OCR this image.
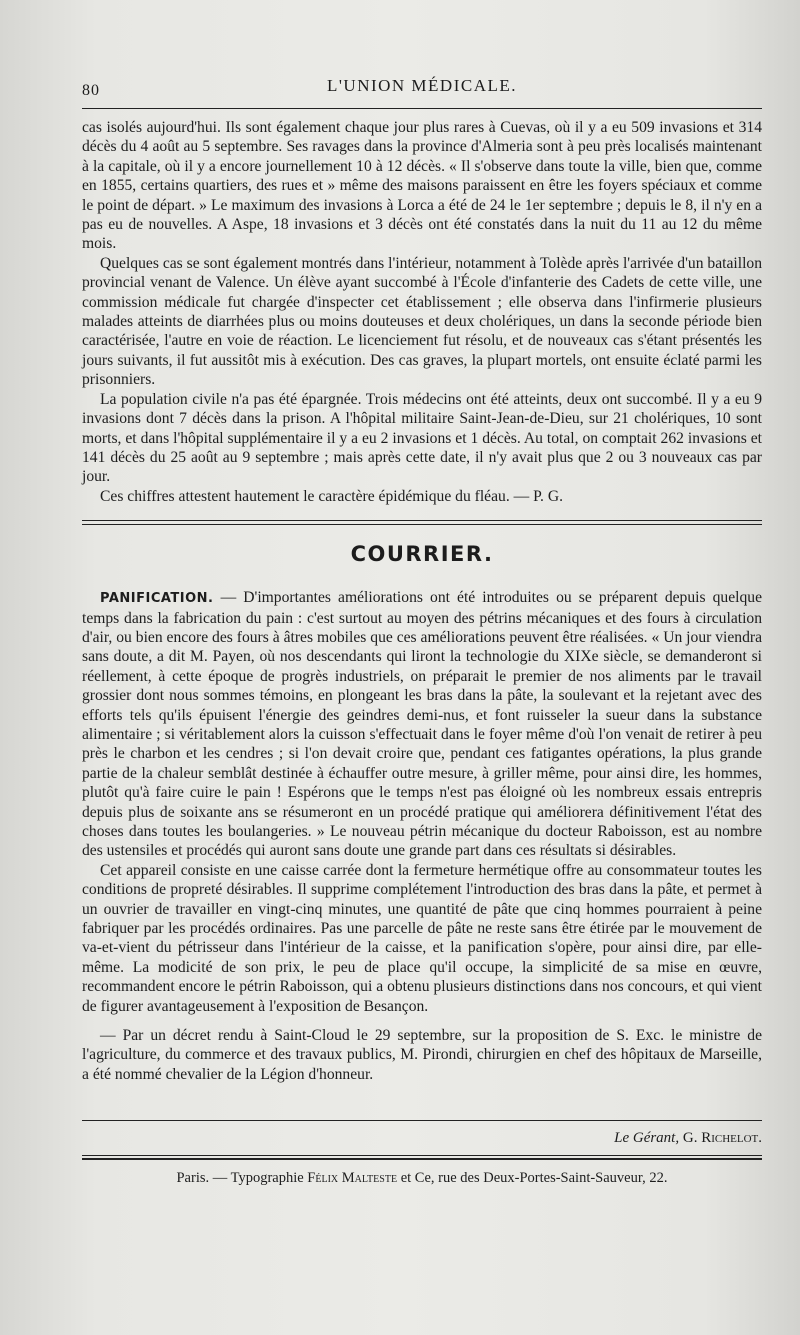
80	L'UNION MÉDICALE.

cas isolés aujourd'hui. Ils sont également chaque jour plus rares à Cuevas, où il y a eu 509 invasions et 314 décès du 4 août au 5 septembre. Ses ravages dans la province d'Almeria sont à peu près localisés maintenant à la capitale, où il y a encore journellement 10 à 12 décès. « Il s'observe dans toute la ville, bien que, comme en 1855, certains quartiers, des rues et » même des maisons paraissent en être les foyers spéciaux et comme le point de départ. » Le maximum des invasions à Lorca a été de 24 le 1er septembre ; depuis le 8, il n'y en a pas eu de nouvelles. A Aspe, 18 invasions et 3 décès ont été constatés dans la nuit du 11 au 12 du même mois.

Quelques cas se sont également montrés dans l'intérieur, notamment à Tolède après l'arrivée d'un bataillon provincial venant de Valence. Un élève ayant succombé à l'École d'infanterie des Cadets de cette ville, une commission médicale fut chargée d'inspecter cet établissement ; elle observa dans l'infirmerie plusieurs malades atteints de diarrhées plus ou moins douteuses et deux cholériques, un dans la seconde période bien caractérisée, l'autre en voie de réaction. Le licenciement fut résolu, et de nouveaux cas s'étant présentés les jours suivants, il fut aussitôt mis à exécution. Des cas graves, la plupart mortels, ont ensuite éclaté parmi les prisonniers.

La population civile n'a pas été épargnée. Trois médecins ont été atteints, deux ont succombé. Il y a eu 9 invasions dont 7 décès dans la prison. A l'hôpital militaire Saint-Jean-de-Dieu, sur 21 cholériques, 10 sont morts, et dans l'hôpital supplémentaire il y a eu 2 invasions et 1 décès. Au total, on comptait 262 invasions et 141 décès du 25 août au 9 septembre ; mais après cette date, il n'y avait plus que 2 ou 3 nouveaux cas par jour.

Ces chiffres attestent hautement le caractère épidémique du fléau. — P. G.

COURRIER.

PANIFICATION. — D'importantes améliorations ont été introduites ou se préparent depuis quelque temps dans la fabrication du pain : c'est surtout au moyen des pétrins mécaniques et des fours à circulation d'air, ou bien encore des fours à âtres mobiles que ces améliorations peuvent être réalisées. « Un jour viendra sans doute, a dit M. Payen, où nos descendants qui liront la technologie du XIXe siècle, se demanderont si réellement, à cette époque de progrès industriels, on préparait le premier de nos aliments par le travail grossier dont nous sommes témoins, en plongeant les bras dans la pâte, la soulevant et la rejetant avec des efforts tels qu'ils épuisent l'énergie des geindres demi-nus, et font ruisseler la sueur dans la substance alimentaire ; si véritablement alors la cuisson s'effectuait dans le foyer même d'où l'on venait de retirer à peu près le charbon et les cendres ; si l'on devait croire que, pendant ces fatigantes opérations, la plus grande partie de la chaleur semblât destinée à échauffer outre mesure, à griller même, pour ainsi dire, les hommes, plutôt qu'à faire cuire le pain ! Espérons que le temps n'est pas éloigné où les nombreux essais entrepris depuis plus de soixante ans se résumeront en un procédé pratique qui améliorera définitivement l'état des choses dans toutes les boulangeries. » Le nouveau pétrin mécanique du docteur Raboisson, est au nombre des ustensiles et procédés qui auront sans doute une grande part dans ces résultats si désirables.

Cet appareil consiste en une caisse carrée dont la fermeture hermétique offre au consommateur toutes les conditions de propreté désirables. Il supprime complétement l'introduction des bras dans la pâte, et permet à un ouvrier de travailler en vingt-cinq minutes, une quantité de pâte que cinq hommes pourraient à peine fabriquer par les procédés ordinaires. Pas une parcelle de pâte ne reste sans être étirée par le mouvement de va-et-vient du pétrisseur dans l'intérieur de la caisse, et la panification s'opère, pour ainsi dire, par elle-même. La modicité de son prix, le peu de place qu'il occupe, la simplicité de sa mise en œuvre, recommandent encore le pétrin Raboisson, qui a obtenu plusieurs distinctions dans nos concours, et qui vient de figurer avantageusement à l'exposition de Besançon.

— Par un décret rendu à Saint-Cloud le 29 septembre, sur la proposition de S. Exc. le ministre de l'agriculture, du commerce et des travaux publics, M. Pirondi, chirurgien en chef des hôpitaux de Marseille, a été nommé chevalier de la Légion d'honneur.

Le Gérant, G. Richelot.
Paris. — Typographie Félix Malteste et Ce, rue des Deux-Portes-Saint-Sauveur, 22.
